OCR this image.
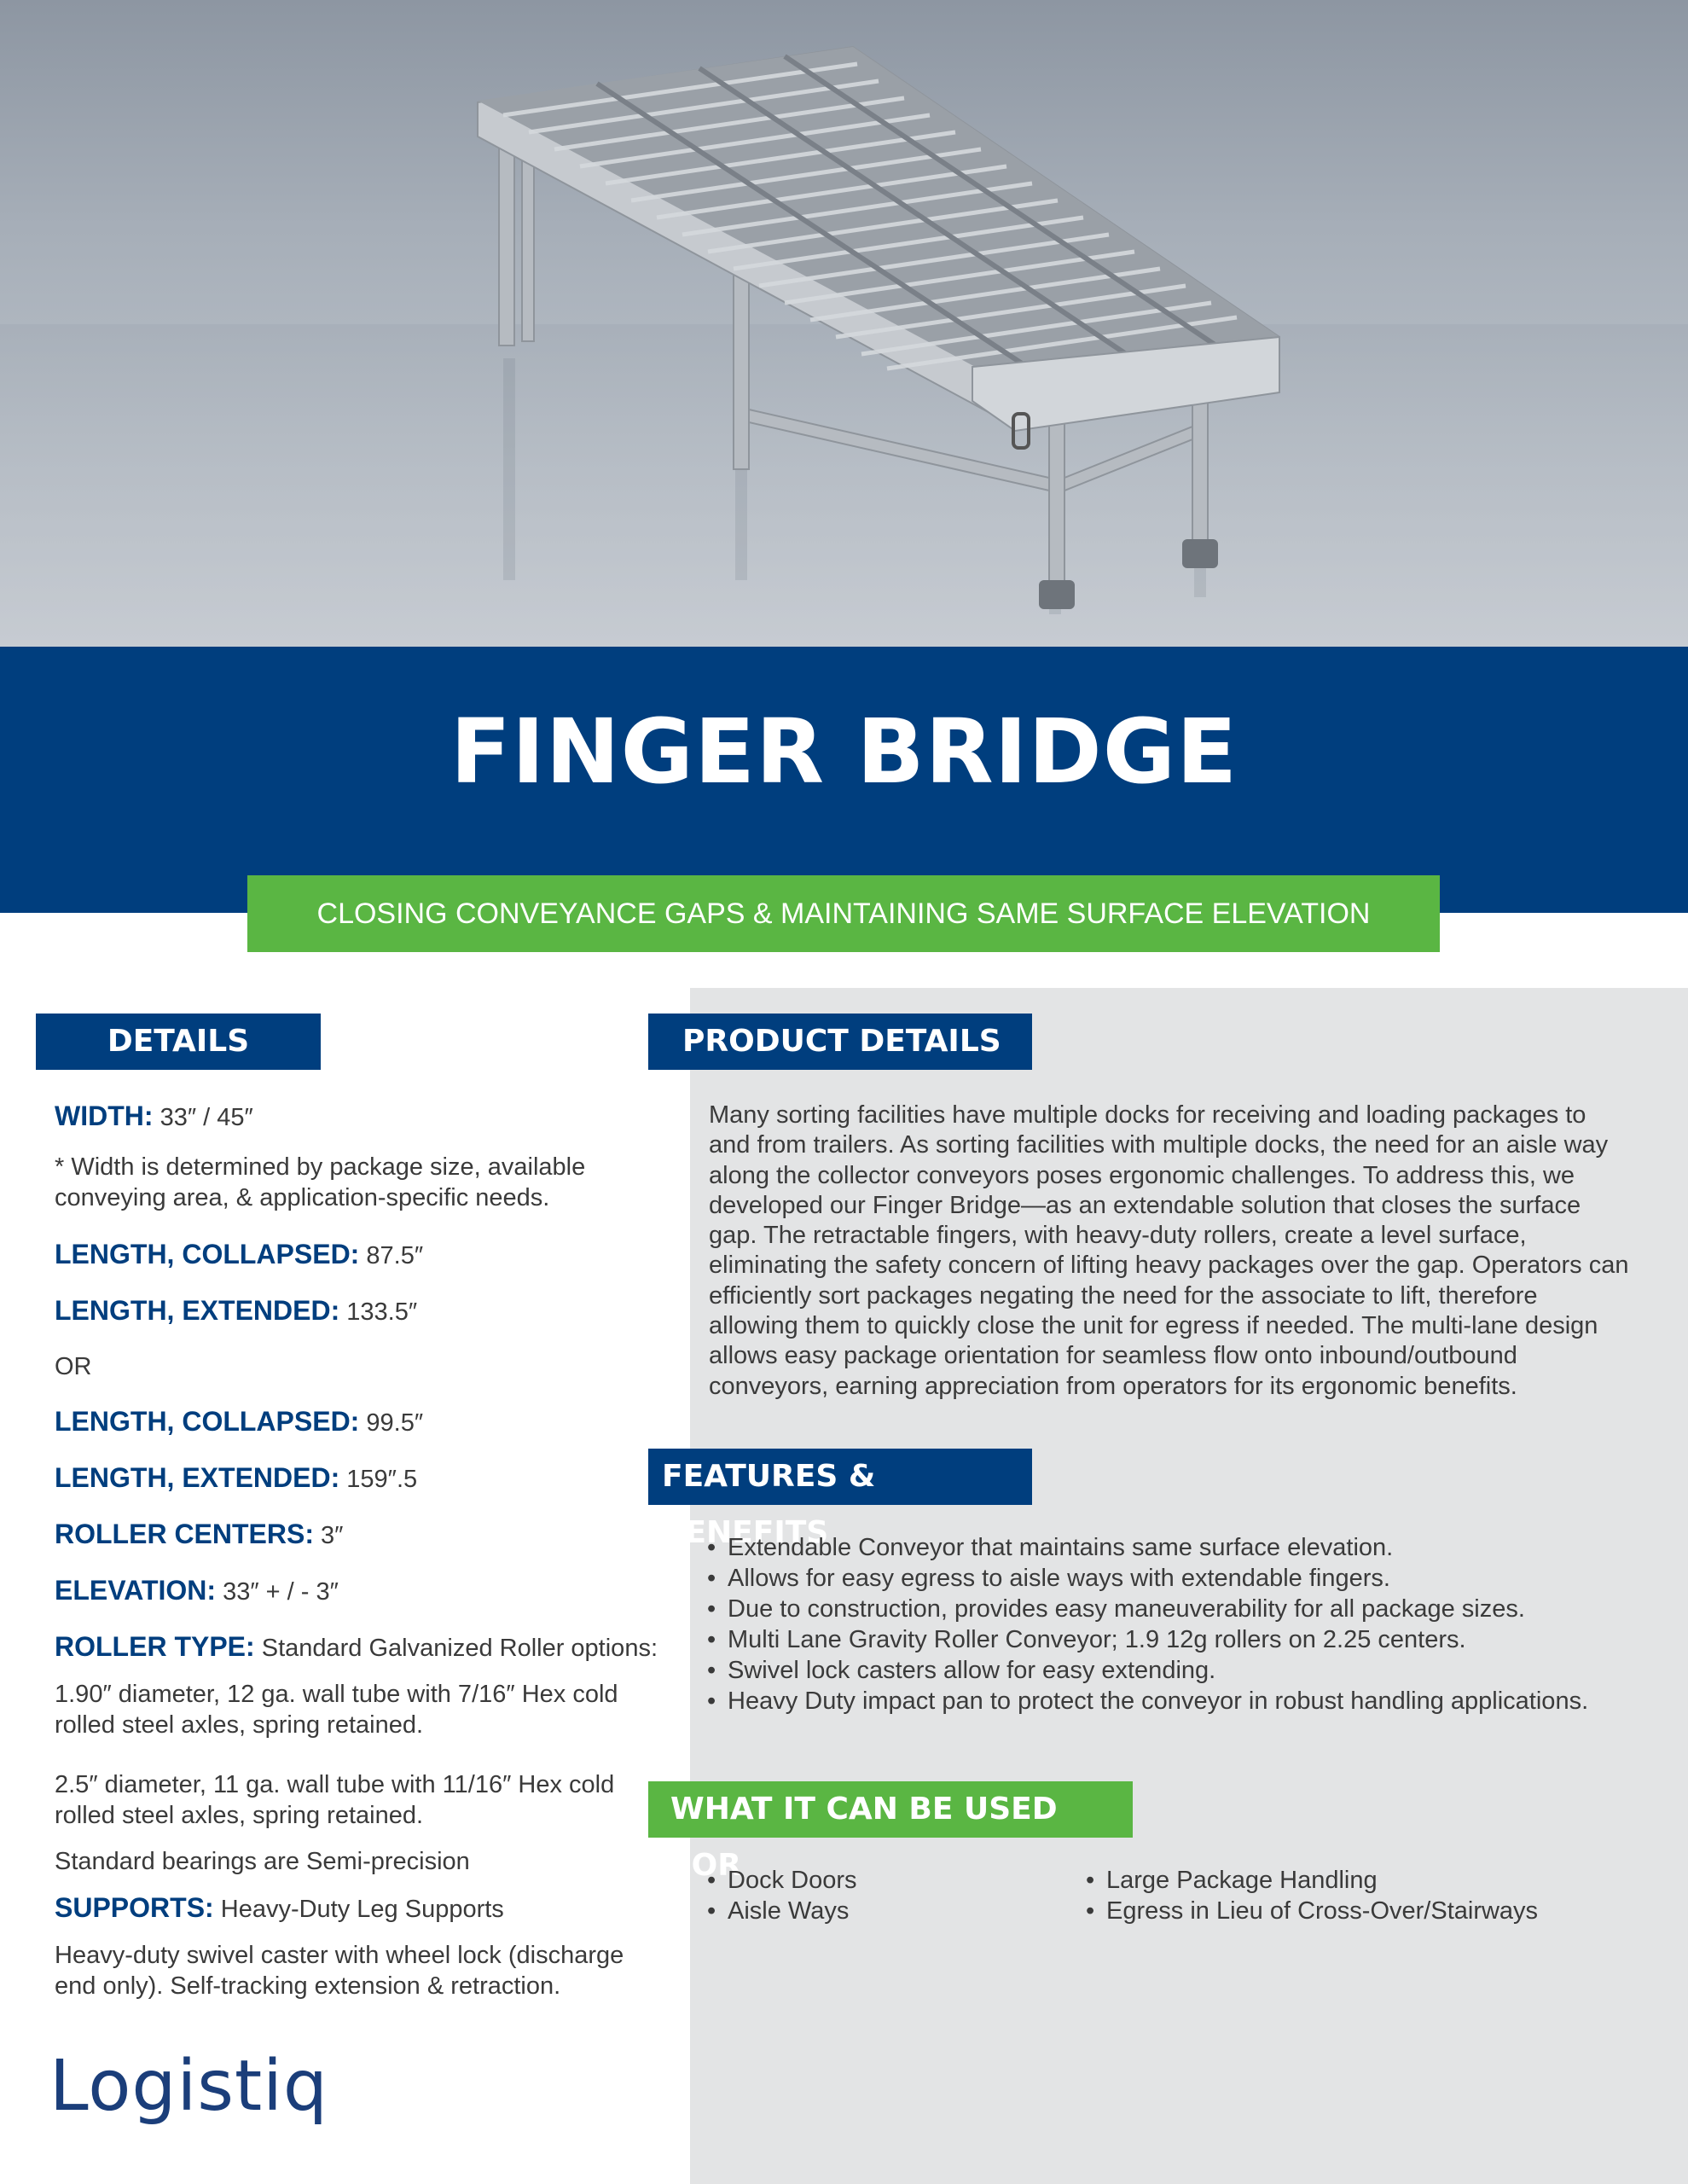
FINGER BRIDGE
CLOSING CONVEYANCE GAPS & MAINTAINING SAME SURFACE ELEVATION
DETAILS

WIDTH: 33″ / 45″

* Width is determined by package size, available conveying area, & application-specific needs.

LENGTH, COLLAPSED: 87.5″

LENGTH, EXTENDED: 133.5″

OR

LENGTH, COLLAPSED: 99.5″

LENGTH, EXTENDED: 159″.5

ROLLER CENTERS: 3″

ELEVATION: 33″ + / - 3″

ROLLER TYPE: Standard Galvanized Roller options:

1.90″ diameter, 12 ga. wall tube with 7/16″ Hex cold rolled steel axles, spring retained.

2.5″ diameter, 11 ga. wall tube with 11/16″ Hex cold rolled steel axles, spring retained.

Standard bearings are Semi-precision

SUPPORTS: Heavy-Duty Leg Supports

Heavy-duty swivel caster with wheel lock (discharge end only). Self-tracking extension & retraction.

PRODUCT DETAILS

Many sorting facilities have multiple docks for receiving and loading packages to and from trailers. As sorting facilities with multiple docks, the need for an aisle way along the collector conveyors poses ergonomic challenges. To address this, we developed our Finger Bridge—as an extendable solution that closes the surface gap. The retractable fingers, with heavy-duty rollers, create a level surface, eliminating the safety concern of lifting heavy packages over the gap. Operators can efficiently sort packages negating the need for the associate to lift, therefore allowing them to quickly close the unit for egress if needed. The multi-lane design allows easy package orientation for seamless flow onto inbound/outbound conveyors, earning appreciation from operators for its ergonomic benefits.

FEATURES & BENEFITS
• Extendable Conveyor that maintains same surface elevation.
• Allows for easy egress to aisle ways with extendable fingers.
• Due to construction, provides easy maneuverability for all package sizes.
• Multi Lane Gravity Roller Conveyor; 1.9 12g rollers on 2.25 centers.
• Swivel lock casters allow for easy extending.
• Heavy Duty impact pan to protect the conveyor in robust handling applications.
WHAT IT CAN BE USED FOR
• Dock Doors
• Aisle Ways
• Large Package Handling
• Egress in Lieu of Cross-Over/Stairways
Logistiq
